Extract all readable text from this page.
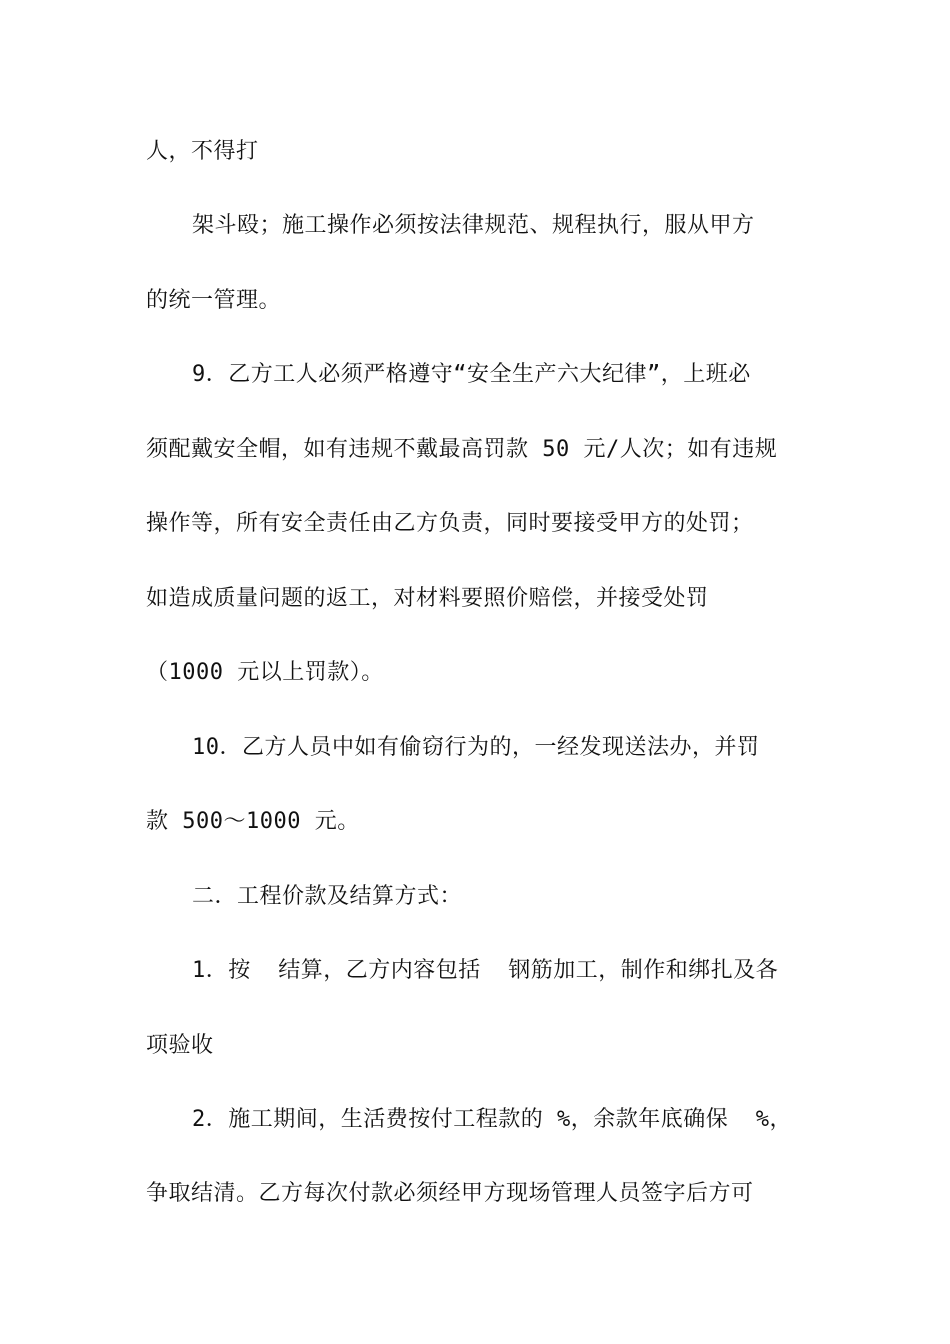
人，不得打
架斗殴；施工操作必须按法律规范、规程执行，服从甲方
的统一管理。
9．乙方工人必须严格遵守“安全生产六大纪律”，上班必
须配戴安全帽，如有违规不戴最高罚款 50 元/人次；如有违规
操作等，所有安全责任由乙方负责，同时要接受甲方的处罚；
如造成质量问题的返工，对材料要照价赔偿，并接受处罚
（1000 元以上罚款）。
10．乙方人员中如有偷窃行为的，一经发现送法办，并罚
款 500～1000 元。
二．工程价款及结算方式：
1．按  结算，乙方内容包括  钢筋加工，制作和绑扎及各
项验收
2．施工期间，生活费按付工程款的 %，余款年底确保  %，
争取结清。乙方每次付款必须经甲方现场管理人员签字后方可
